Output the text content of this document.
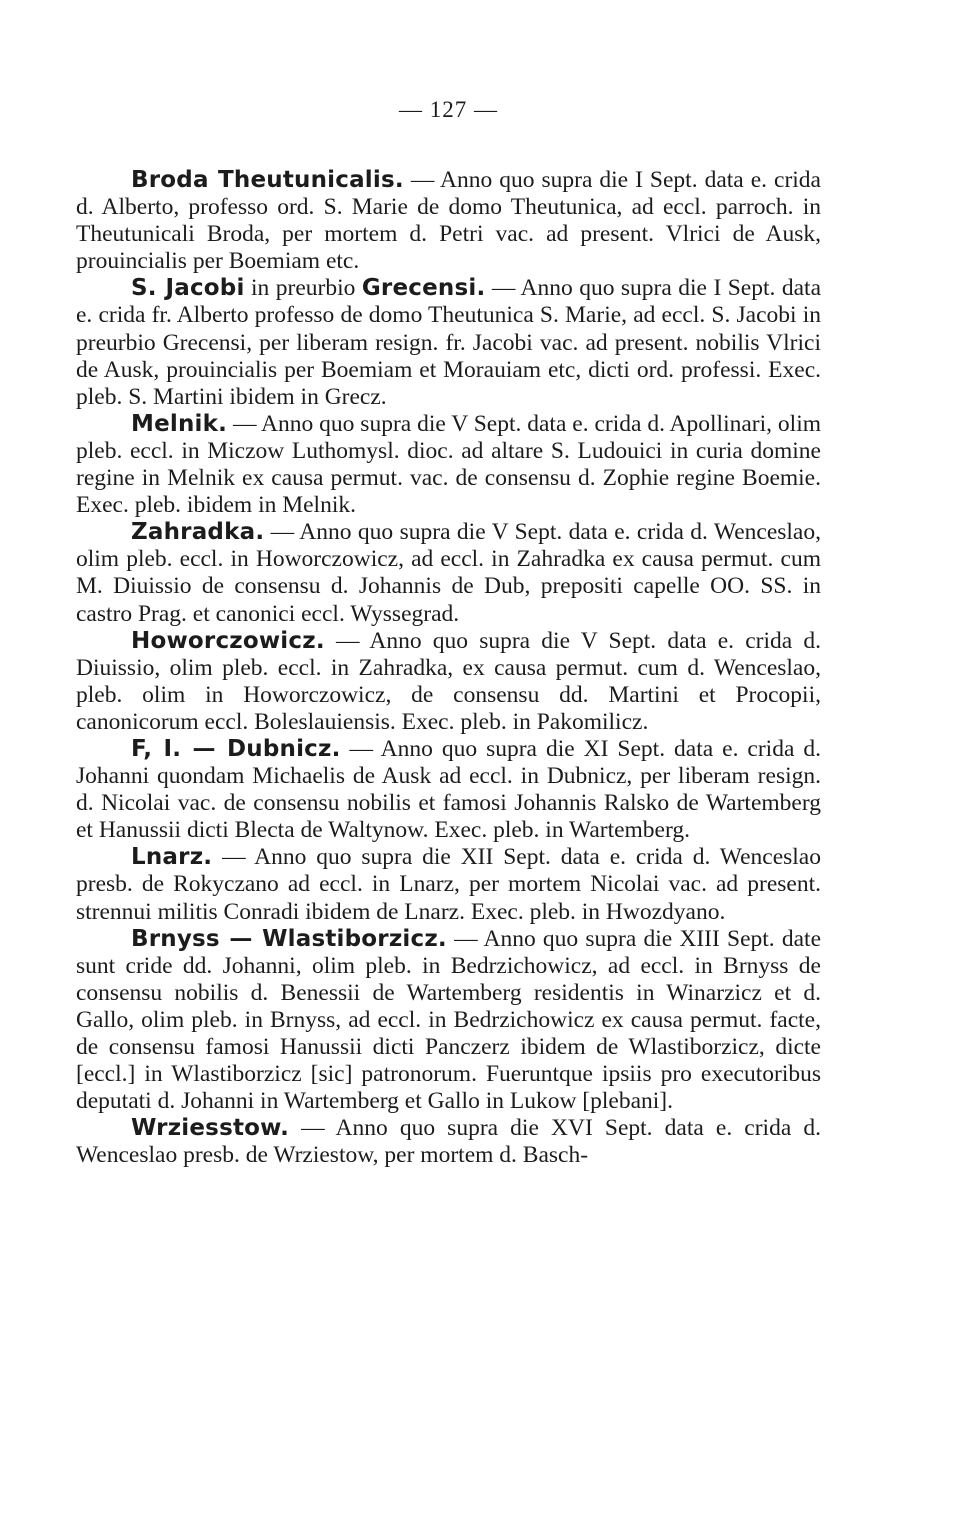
— 127 —

Broda Theutunicalis. — Anno quo supra die I Sept. data e. crida d. Alberto, professo ord. S. Marie de domo Theutunica, ad eccl. parroch. in Theutunicali Broda, per mortem d. Petri vac. ad present. Vlrici de Ausk, prouincialis per Boemiam etc.

S. Jacobi in preurbio Grecensi. — Anno quo supra die I Sept. data e. crida fr. Alberto professo de domo Theutunica S. Marie, ad eccl. S. Jacobi in preurbio Grecensi, per liberam resign. fr. Jacobi vac. ad present. nobilis Vlrici de Ausk, prouincialis per Boemiam et Morauiam etc, dicti ord. professi. Exec. pleb. S. Martini ibidem in Grecz.

Melnik. — Anno quo supra die V Sept. data e. crida d. Apollinari, olim pleb. eccl. in Miczow Luthomysl. dioc. ad altare S. Ludouici in curia domine regine in Melnik ex causa permut. vac. de consensu d. Zophie regine Boemie. Exec. pleb. ibidem in Melnik.

Zahradka. — Anno quo supra die V Sept. data e. crida d. Wenceslao, olim pleb. eccl. in Howorczowicz, ad eccl. in Zahradka ex causa permut. cum M. Diuissio de consensu d. Johannis de Dub, prepositi capelle OO. SS. in castro Prag. et canonici eccl. Wyssegrad.

Howorczowicz. — Anno quo supra die V Sept. data e. crida d. Diuissio, olim pleb. eccl. in Zahradka, ex causa permut. cum d. Wenceslao, pleb. olim in Howorczowicz, de consensu dd. Martini et Procopii, canonicorum eccl. Boleslauiensis. Exec. pleb. in Pakomilicz.

F, I. — Dubnicz. — Anno quo supra die XI Sept. data e. crida d. Johanni quondam Michaelis de Ausk ad eccl. in Dubnicz, per liberam resign. d. Nicolai vac. de consensu nobilis et famosi Johannis Ralsko de Wartemberg et Hanussii dicti Blecta de Waltynow. Exec. pleb. in Wartemberg.

Lnarz. — Anno quo supra die XII Sept. data e. crida d. Wenceslao presb. de Rokyczano ad eccl. in Lnarz, per mortem Nicolai vac. ad present. strennui militis Conradi ibidem de Lnarz. Exec. pleb. in Hwozdyano.

Brnyss — Wlastiborzicz. — Anno quo supra die XIII Sept. date sunt cride dd. Johanni, olim pleb. in Bedrzichowicz, ad eccl. in Brnyss de consensu nobilis d. Benessii de Wartemberg residentis in Winarzicz et d. Gallo, olim pleb. in Brnyss, ad eccl. in Bedrzichowicz ex causa permut. facte, de consensu famosi Hanussii dicti Panczerz ibidem de Wlastiborzicz, dicte [eccl.] in Wlastiborzicz [sic] patronorum. Fueruntque ipsiis pro executoribus deputati d. Johanni in Wartemberg et Gallo in Lukow [plebani].

Wrziesstow. — Anno quo supra die XVI Sept. data e. crida d. Wenceslao presb. de Wrziestow, per mortem d. Basch-
